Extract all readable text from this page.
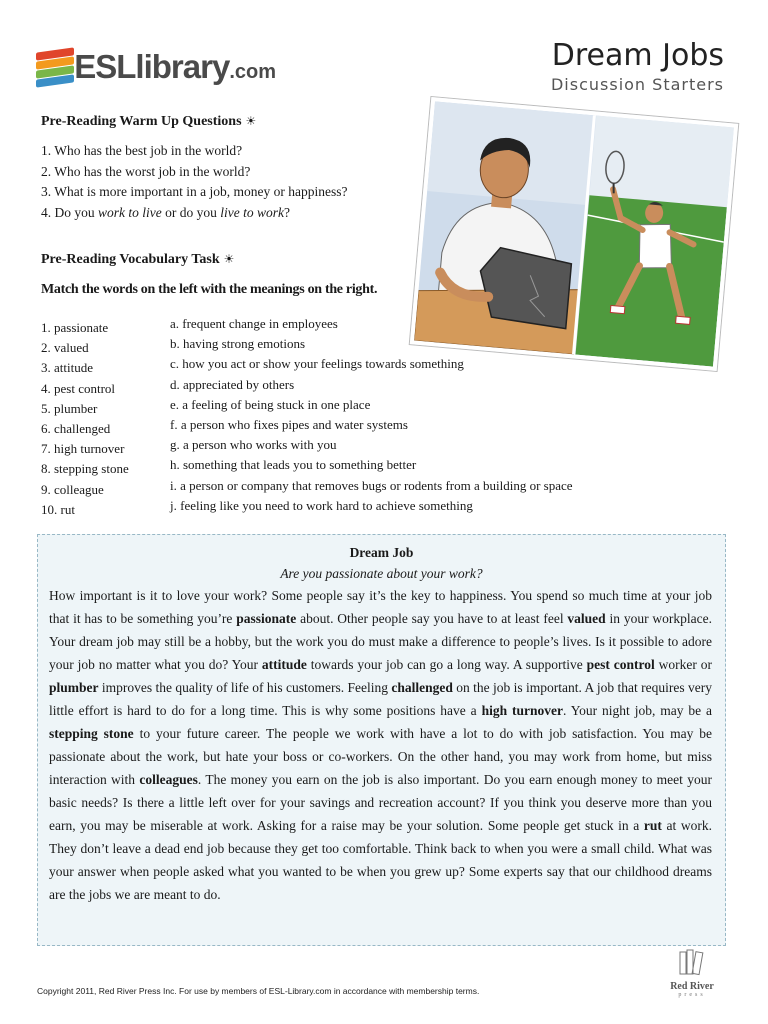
ESLlibrary.com	Dream Jobs
Discussion Starters
Pre-Reading Warm Up Questions ☀
1. Who has the best job in the world?
2. Who has the worst job in the world?
3. What is more important in a job, money or happiness?
4. Do you work to live or do you live to work?
Pre-Reading Vocabulary Task ☀
Match the words on the left with the meanings on the right.
1. passionate
2. valued
3. attitude
4. pest control
5. plumber
6. challenged
7. high turnover
8. stepping stone
9. colleague
10. rut
a. frequent change in employees
b. having strong emotions
c. how you act or show your feelings towards something
d. appreciated by others
e. a feeling of being stuck in one place
f. a person who fixes pipes and water systems
g. a person who works with you
h. something that leads you to something better
i. a person or company that removes bugs or rodents from a building or space
j. feeling like you need to work hard to achieve something
Dream Job
Are you passionate about your work?
How important is it to love your work? Some people say it’s the key to happiness. You spend so much time at your job that it has to be something you’re passionate about. Other people say you have to at least feel valued in your workplace. Your dream job may still be a hobby, but the work you do must make a difference to people’s lives. Is it possible to adore your job no matter what you do? Your attitude towards your job can go a long way. A supportive pest control worker or plumber improves the quality of life of his customers. Feeling challenged on the job is important. A job that requires very little effort is hard to do for a long time. This is why some positions have a high turnover. Your night job, may be a stepping stone to your future career. The people we work with have a lot to do with job satisfaction. You may be passionate about the work, but hate your boss or co-workers. On the other hand, you may work from home, but miss interaction with colleagues. The money you earn on the job is also important. Do you earn enough money to meet your basic needs? Is there a little left over for your savings and recreation account? If you think you deserve more than you earn, you may be miserable at work. Asking for a raise may be your solution. Some people get stuck in a rut at work. They don’t leave a dead end job because they get too comfortable. Think back to when you were a small child. What was your answer when people asked what you wanted to be when you grew up? Some experts say that our childhood dreams are the jobs we are meant to do.
Copyright 2011, Red River Press Inc. For use by members of ESL-Library.com in accordance with membership terms.	Red River
press
